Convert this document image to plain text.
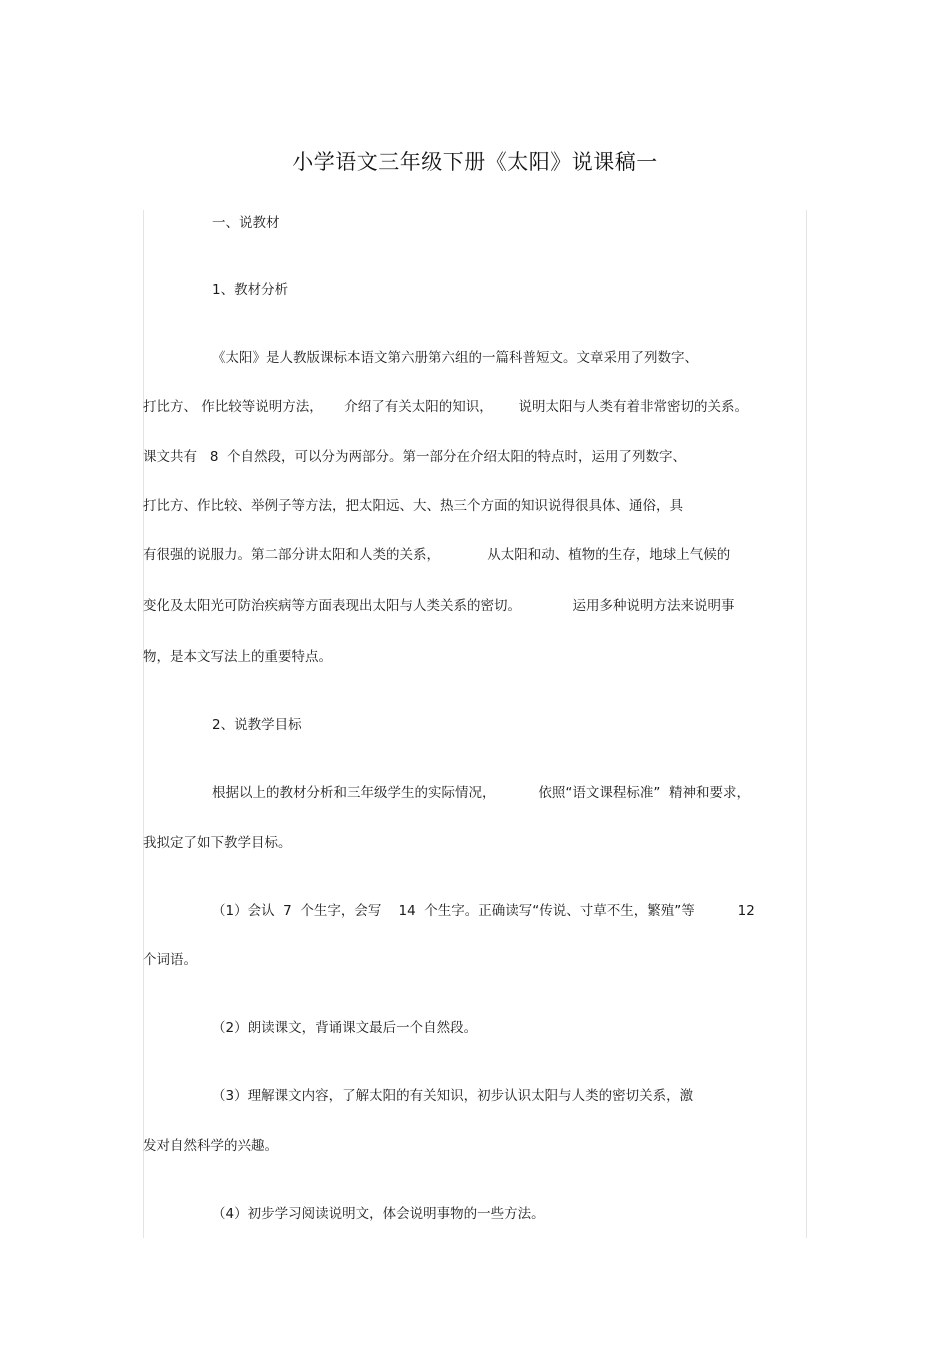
小学语文三年级下册《太阳》说课稿一
一、说教材
1、教材分析
《太阳》是人教版课标本语文第六册第六组的一篇科普短文。文章采用了列数字、
打比方、 作比较等说明方法，     介绍了有关太阳的知识，      说明太阳与人类有着非常密切的关系。
课文共有   8  个自然段，可以分为两部分。第一部分在介绍太阳的特点时，运用了列数字、
打比方、作比较、举例子等方法，把太阳远、大、热三个方面的知识说得很具体、通俗，具
有很强的说服力。第二部分讲太阳和人类的关系，           从太阳和动、植物的生存，地球上气候的
变化及太阳光可防治疾病等方面表现出太阳与人类关系的密切。            运用多种说明方法来说明事
物，是本文写法上的重要特点。
2、说教学目标
根据以上的教材分析和三年级学生的实际情况，          依照“语文课程标准”  精神和要求，
我拟定了如下教学目标。
（1）会认  7  个生字，会写    14  个生字。正确读写“传说、寸草不生，繁殖”等          12
个词语。
（2）朗读课文，背诵课文最后一个自然段。
（3）理解课文内容，了解太阳的有关知识，初步认识太阳与人类的密切关系，激
发对自然科学的兴趣。
（4）初步学习阅读说明文，体会说明事物的一些方法。
